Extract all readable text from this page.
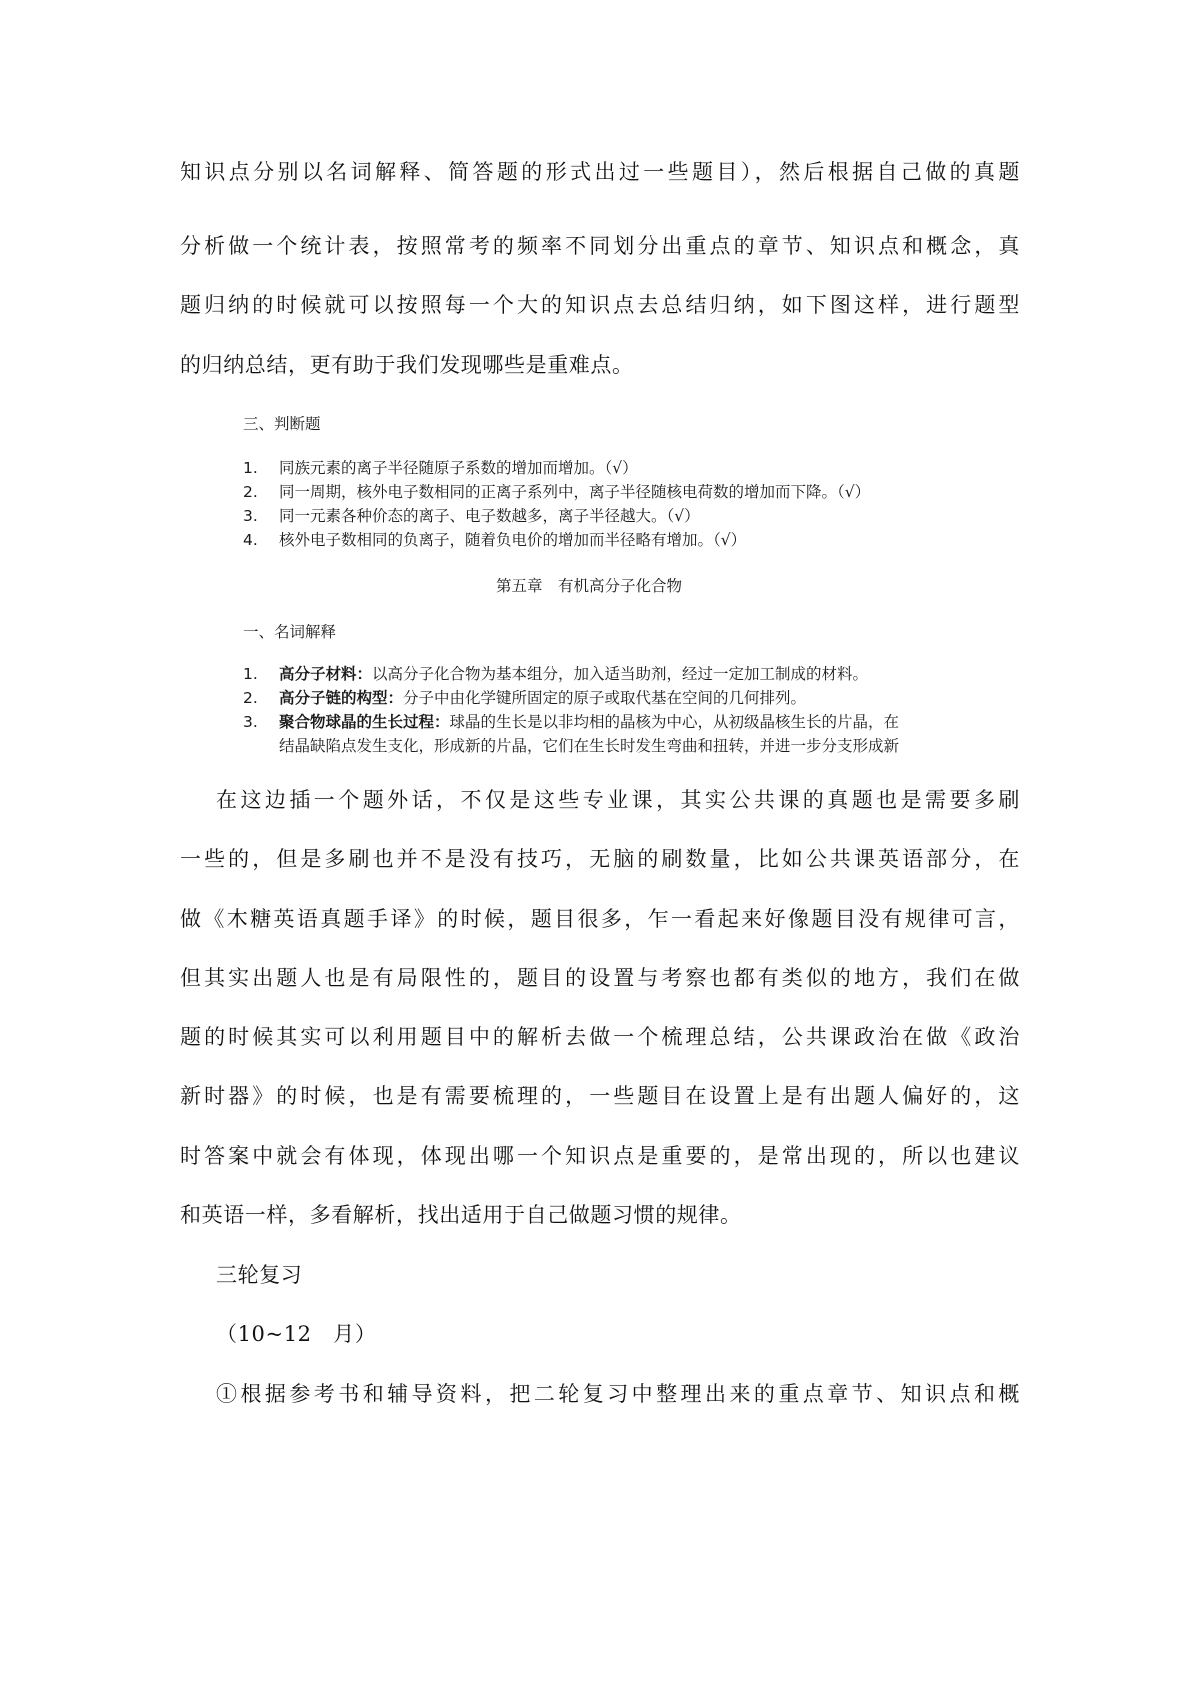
知识点分别以名词解释、简答题的形式出过一些题目），然后根据自己做的真题
分析做一个统计表，按照常考的频率不同划分出重点的章节、知识点和概念，真
题归纳的时候就可以按照每一个大的知识点去总结归纳，如下图这样，进行题型
的归纳总结，更有助于我们发现哪些是重难点。
三、判断题
1. 同族元素的离子半径随原子系数的增加而增加。（√）
2. 同一周期，核外电子数相同的正离子系列中，离子半径随核电荷数的增加而下降。（√）
3. 同一元素各种价态的离子、电子数越多，离子半径越大。（√）
4. 核外电子数相同的负离子，随着负电价的增加而半径略有增加。（√）
第五章　有机高分子化合物
一、名词解释
1. 高分子材料：以高分子化合物为基本组分，加入适当助剂，经过一定加工制成的材料。
2. 高分子链的构型：分子中由化学键所固定的原子或取代基在空间的几何排列。
3. 聚合物球晶的生长过程：球晶的生长是以非均相的晶核为中心，从初级晶核生长的片晶，在
结晶缺陷点发生支化，形成新的片晶，它们在生长时发生弯曲和扭转，并进一步分支形成新
在这边插一个题外话，不仅是这些专业课，其实公共课的真题也是需要多刷
一些的，但是多刷也并不是没有技巧，无脑的刷数量，比如公共课英语部分，在
做《木糖英语真题手译》的时候，题目很多，乍一看起来好像题目没有规律可言，
但其实出题人也是有局限性的，题目的设置与考察也都有类似的地方，我们在做
题的时候其实可以利用题目中的解析去做一个梳理总结，公共课政治在做《政治
新时器》的时候，也是有需要梳理的，一些题目在设置上是有出题人偏好的，这
时答案中就会有体现，体现出哪一个知识点是重要的，是常出现的，所以也建议
和英语一样，多看解析，找出适用于自己做题习惯的规律。
三轮复习
（10~12　月）
①根据参考书和辅导资料，把二轮复习中整理出来的重点章节、知识点和概
